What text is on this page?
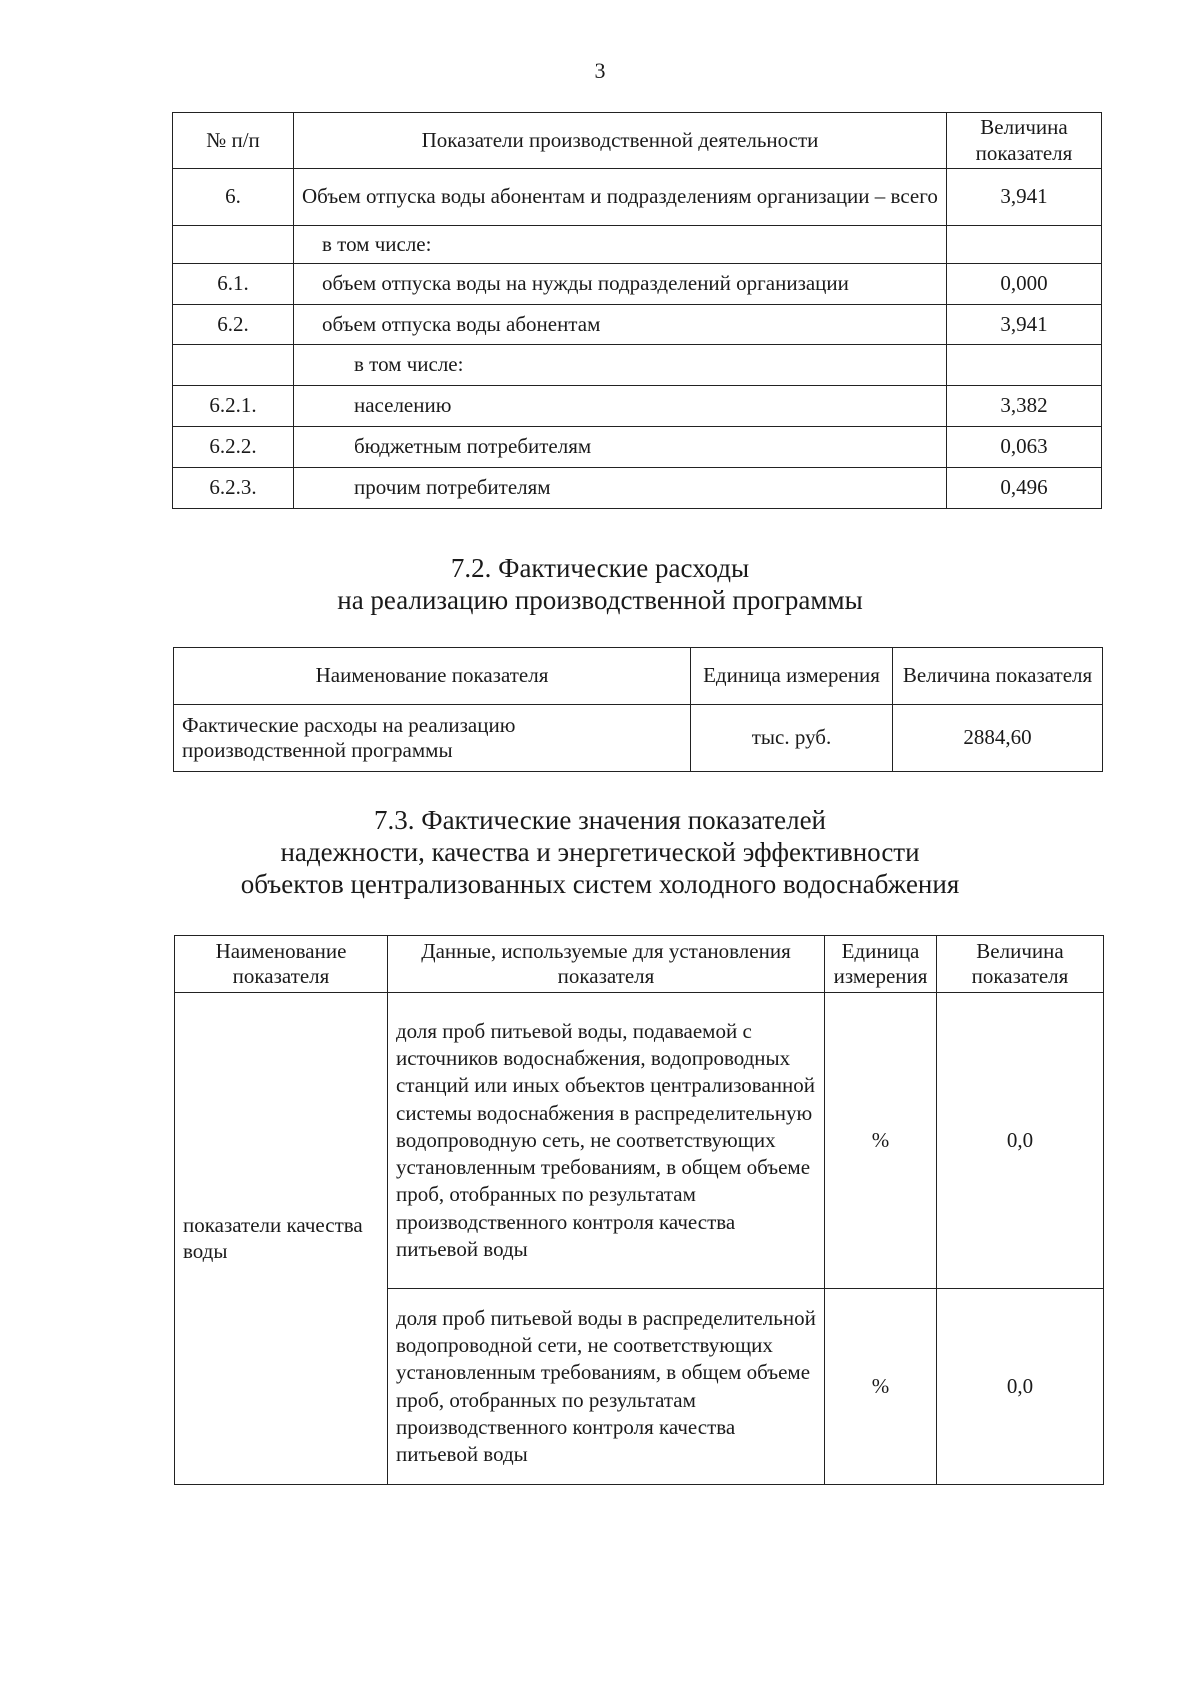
3
№ п/п	Показатели производственной деятельности	Величина показателя
6.	Объем отпуска воды абонентам и подразделениям организации – всего	3,941
	в том числе:	
6.1.	объем отпуска воды на нужды подразделений организации	0,000
6.2.	объем отпуска воды абонентам	3,941
	в том числе:	
6.2.1.	населению	3,382
6.2.2.	бюджетным потребителям	0,063
6.2.3.	прочим потребителям	0,496
7.2. Фактические расходы
на реализацию производственной программы
Наименование показателя	Единица измерения	Величина показателя
Фактические расходы на реализацию производственной программы	тыс. руб.	2884,60
7.3. Фактические значения показателей
надежности, качества и энергетической эффективности
объектов централизованных систем холодного водоснабжения
Наименование показателя	Данные, используемые для установления показателя	Единица измерения	Величина показателя
показатели качества воды	доля проб питьевой воды, подаваемой с источников водоснабжения, водопроводных станций или иных объектов централизованной системы водоснабжения в распределительную водопроводную сеть, не соответствующих установленным требованиям, в общем объеме проб, отобранных по результатам производственного контроля качества питьевой воды	%	0,0
	доля проб питьевой воды в распределительной водопроводной сети, не соответствующих установленным требованиям, в общем объеме проб, отобранных по результатам производственного контроля качества питьевой воды	%	0,0
